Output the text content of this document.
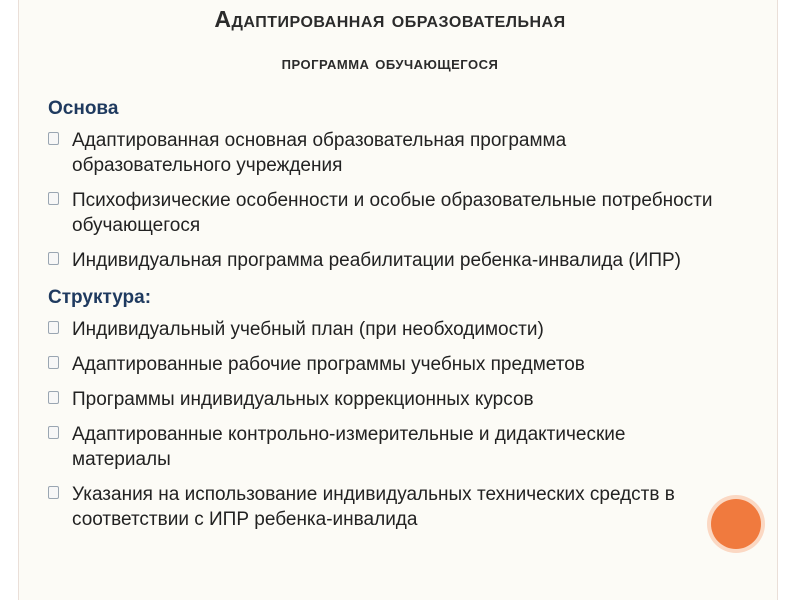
Адаптированная образовательная
программа обучающегося
Основа
Адаптированная основная образовательная программа образовательного учреждения
Психофизические особенности и особые образовательные потребности обучающегося
Индивидуальная программа реабилитации ребенка-инвалида (ИПР)
Структура:
Индивидуальный учебный план (при необходимости)
Адаптированные рабочие программы учебных предметов
Программы индивидуальных коррекционных курсов
Адаптированные контрольно-измерительные и дидактические материалы
Указания на использование индивидуальных технических средств в соответствии с ИПР ребенка-инвалида
